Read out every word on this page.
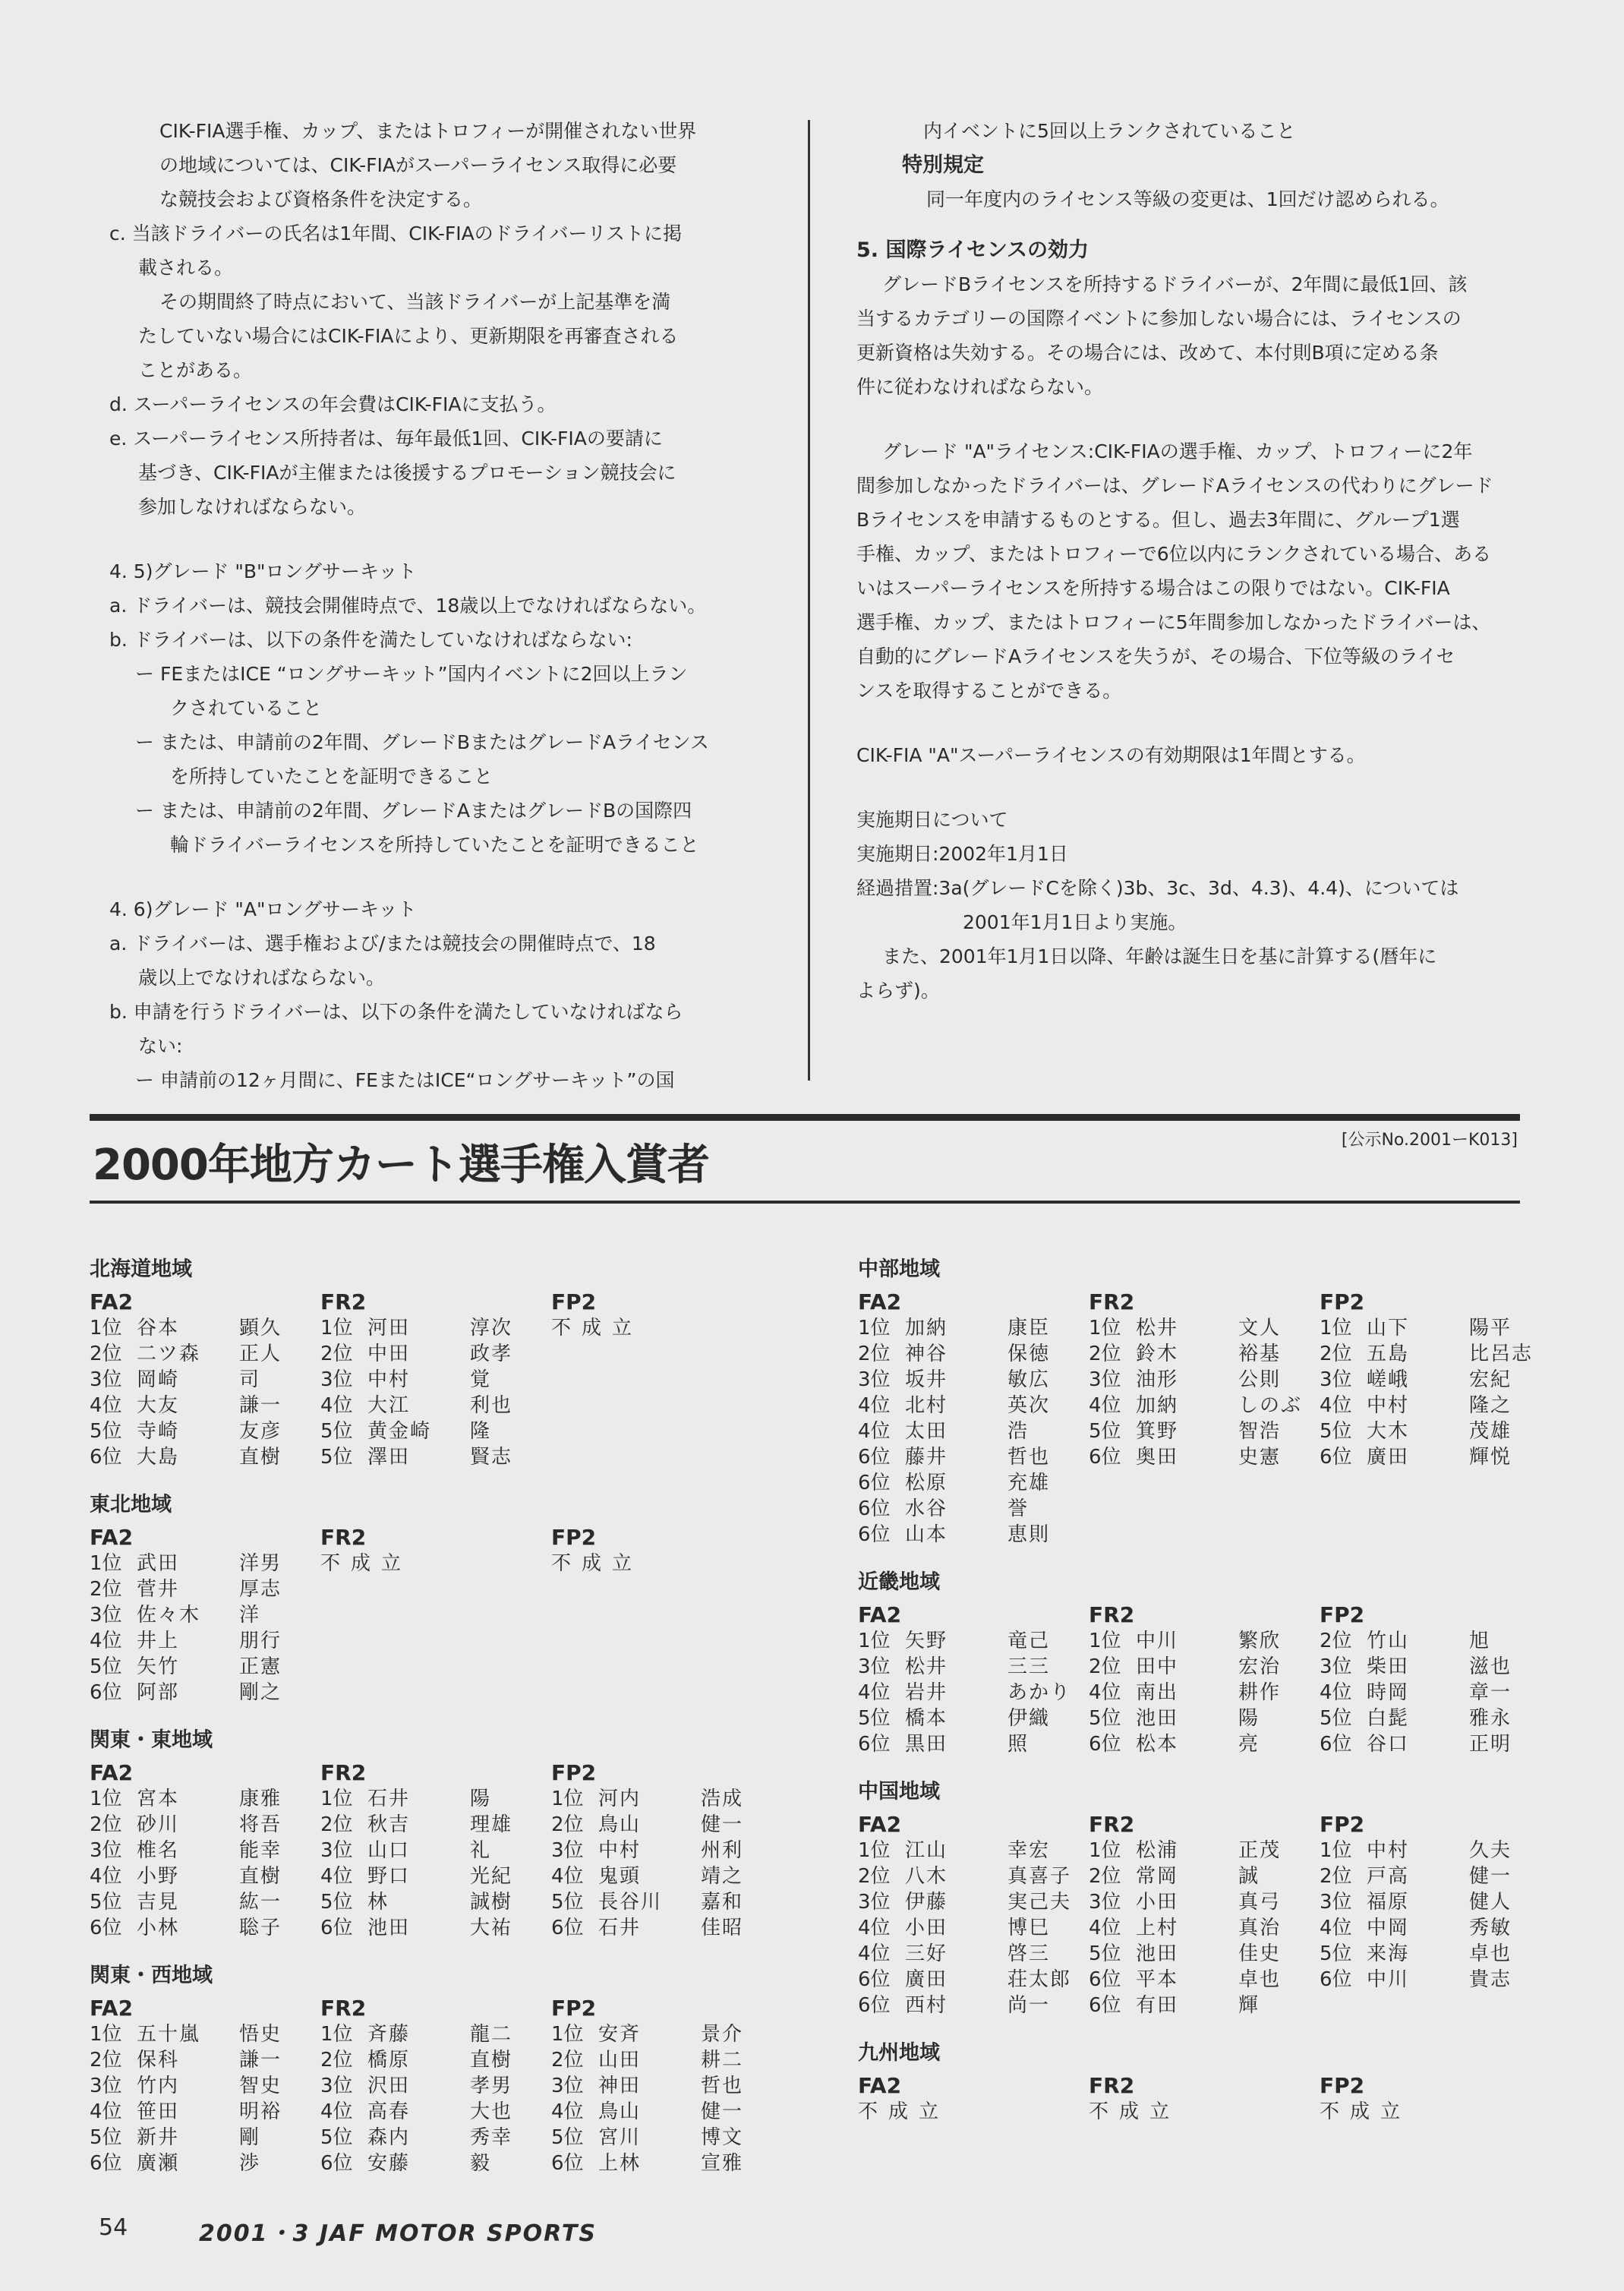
CIK-FIA選手権、カップ、またはトロフィーが開催されない世界

の地域については、CIK-FIAがスーパーライセンス取得に必要

な競技会および資格条件を決定する。

c. 当該ドライバーの氏名は1年間、CIK-FIAのドライバーリストに掲

載される。

その期間終了時点において、当該ドライバーが上記基準を満

たしていない場合にはCIK-FIAにより、更新期限を再審査される

ことがある。

d. スーパーライセンスの年会費はCIK-FIAに支払う。

e. スーパーライセンス所持者は、毎年最低1回、CIK-FIAの要請に

基づき、CIK-FIAが主催または後援するプロモーション競技会に

参加しなければならない。

4. 5)グレード "B"ロングサーキット

a. ドライバーは、競技会開催時点で、18歳以上でなければならない。

b. ドライバーは、以下の条件を満たしていなければならない:

ー FEまたはICE “ロングサーキット”国内イベントに2回以上ラン

クされていること

ー または、申請前の2年間、グレードBまたはグレードAライセンス

を所持していたことを証明できること

ー または、申請前の2年間、グレードAまたはグレードBの国際四

輪ドライバーライセンスを所持していたことを証明できること

4. 6)グレード "A"ロングサーキット

a. ドライバーは、選手権および/または競技会の開催時点で、18

歳以上でなければならない。

b. 申請を行うドライバーは、以下の条件を満たしていなければなら

ない:

ー 申請前の12ヶ月間に、FEまたはICE“ロングサーキット”の国

内イベントに5回以上ランクされていること

特別規定

同一年度内のライセンス等級の変更は、1回だけ認められる。

5. 国際ライセンスの効力

グレードBライセンスを所持するドライバーが、2年間に最低1回、該

当するカテゴリーの国際イベントに参加しない場合には、ライセンスの

更新資格は失効する。その場合には、改めて、本付則B項に定める条

件に従わなければならない。

グレード "A"ライセンス:CIK-FIAの選手権、カップ、トロフィーに2年

間参加しなかったドライバーは、グレードAライセンスの代わりにグレード

Bライセンスを申請するものとする。但し、過去3年間に、グループ1選

手権、カップ、またはトロフィーで6位以内にランクされている場合、ある

いはスーパーライセンスを所持する場合はこの限りではない。CIK-FIA

選手権、カップ、またはトロフィーに5年間参加しなかったドライバーは、

自動的にグレードAライセンスを失うが、その場合、下位等級のライセ

ンスを取得することができる。

CIK-FIA "A"スーパーライセンスの有効期限は1年間とする。

実施期日について

実施期日:2002年1月1日

経過措置:3a(グレードCを除く)3b、3c、3d、4.3)、4.4)、については

2001年1月1日より実施。

また、2001年1月1日以降、年齢は誕生日を基に計算する(暦年に

よらず)。

2000年地方カート選手権入賞者
[公示No.2001ーK013]
北海道地域
FA2
1位 谷本	顕久
2位 二ツ森	正人
3位 岡崎	司
4位 大友	謙一
5位 寺崎	友彦
6位 大島	直樹
FR2
1位 河田	淳次
2位 中田	政孝
3位 中村	覚
4位 大江	利也
5位 黄金崎	隆
5位 澤田	賢志
FP2
不成立
東北地域
FA2
1位 武田	洋男
2位 菅井	厚志
3位 佐々木	洋
4位 井上	朋行
5位 矢竹	正憲
6位 阿部	剛之
FR2
不成立
FP2
不成立
関東・東地域
FA2
1位 宮本	康雅
2位 砂川	将吾
3位 椎名	能幸
4位 小野	直樹
5位 吉見	紘一
6位 小林	聡子
FR2
1位 石井	陽
2位 秋吉	理雄
3位 山口	礼
4位 野口	光紀
5位 林	誠樹
6位 池田	大祐
FP2
1位 河内	浩成
2位 鳥山	健一
3位 中村	州利
4位 鬼頭	靖之
5位 長谷川	嘉和
6位 石井	佳昭
関東・西地域
FA2
1位 五十嵐	悟史
2位 保科	謙一
3位 竹内	智史
4位 笹田	明裕
5位 新井	剛
6位 廣瀬	渉
FR2
1位 斉藤	龍二
2位 橋原	直樹
3位 沢田	孝男
4位 高春	大也
5位 森内	秀幸
6位 安藤	毅
FP2
1位 安斉	景介
2位 山田	耕二
3位 神田	哲也
4位 鳥山	健一
5位 宮川	博文
6位 上林	宣雅
中部地域
FA2
1位 加納	康臣
2位 神谷	保徳
3位 坂井	敏広
4位 北村	英次
4位 太田	浩
6位 藤井	哲也
6位 松原	充雄
6位 水谷	誉
6位 山本	恵則
FR2
1位 松井	文人
2位 鈴木	裕基
3位 油形	公則
4位 加納	しのぶ
5位 箕野	智浩
6位 奥田	史憲
FP2
1位 山下	陽平
2位 五島	比呂志
3位 嵯峨	宏紀
4位 中村	隆之
5位 大木	茂雄
6位 廣田	輝悦
近畿地域
FA2
1位 矢野	竜己
3位 松井	三三
4位 岩井	あかり
5位 橋本	伊織
6位 黒田	照
FR2
1位 中川	繁欣
2位 田中	宏治
4位 南出	耕作
5位 池田	陽
6位 松本	亮
FP2
2位 竹山	旭
3位 柴田	滋也
4位 時岡	章一
5位 白髭	雅永
6位 谷口	正明
中国地域
FA2
1位 江山	幸宏
2位 八木	真喜子
3位 伊藤	実己夫
4位 小田	博巳
4位 三好	啓三
6位 廣田	荘太郎
6位 西村	尚一
FR2
1位 松浦	正茂
2位 常岡	誠
3位 小田	真弓
4位 上村	真治
5位 池田	佳史
6位 平本	卓也
6位 有田	輝
FP2
1位 中村	久夫
2位 戸高	健一
3位 福原	健人
4位 中岡	秀敏
5位 来海	卓也
6位 中川	貴志
九州地域
FA2
不成立
FR2
不成立
FP2
不成立
54	2001・3 JAF MOTOR SPORTS
